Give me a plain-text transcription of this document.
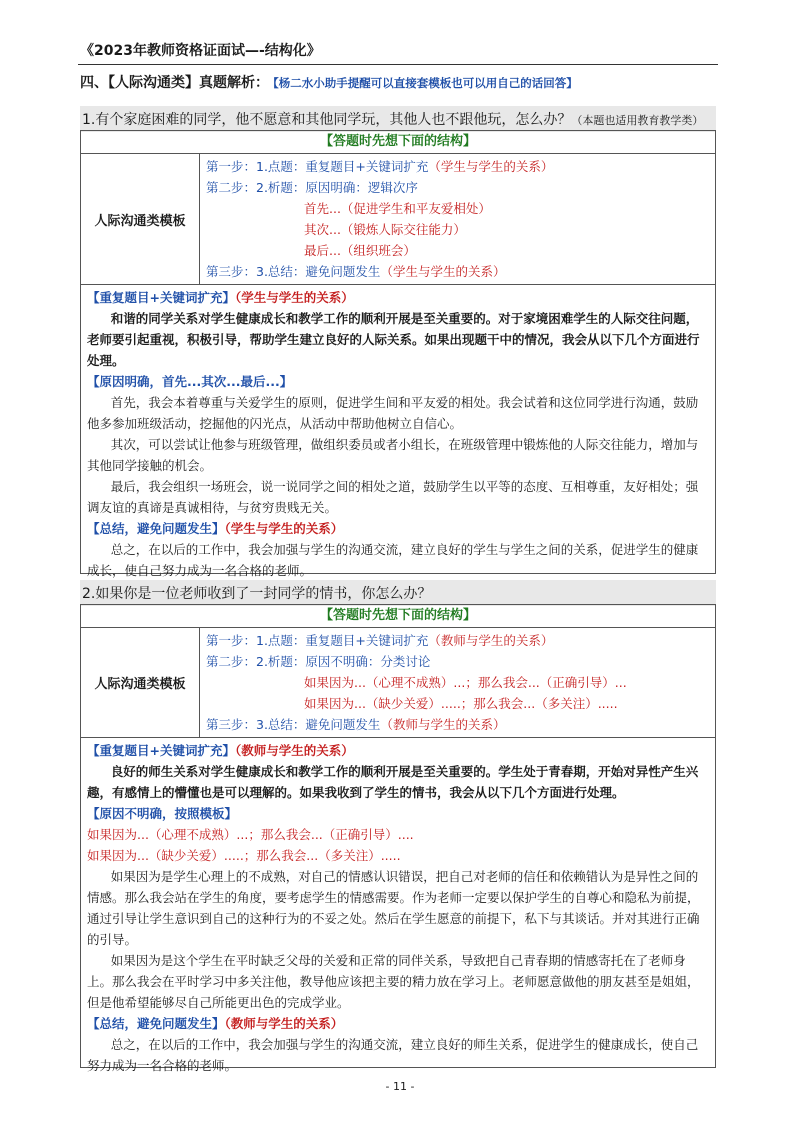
《2023年教师资格证面试—-结构化》
四、【人际沟通类】真题解析： 【杨二水小助手提醒可以直接套模板也可以用自己的话回答】
1.有个家庭困难的同学，他不愿意和其他同学玩，其他人也不跟他玩，怎么办？（本题也适用教育教学类）
【答题时先想下面的结构】
人际沟通类模板
第一步：1.点题：重复题目+关键词扩充（学生与学生的关系）
第二步：2.析题：原因明确：逻辑次序
首先...（促进学生和平友爱相处）
其次...（锻炼人际交往能力）
最后...（组织班会）
第三步：3.总结：避免问题发生（学生与学生的关系）
【重复题目+关键词扩充】（学生与学生的关系）

和谐的同学关系对学生健康成长和教学工作的顺利开展是至关重要的。对于家境困难学生的人际交往问题，老师要引起重视，积极引导，帮助学生建立良好的人际关系。如果出现题干中的情况，我会从以下几个方面进行处理。

【原因明确，首先...其次...最后...】

首先，我会本着尊重与关爱学生的原则，促进学生间和平友爱的相处。我会试着和这位同学进行沟通，鼓励他多参加班级活动，挖掘他的闪光点，从活动中帮助他树立自信心。

其次，可以尝试让他参与班级管理，做组织委员或者小组长，在班级管理中锻炼他的人际交往能力，增加与其他同学接触的机会。

最后，我会组织一场班会，说一说同学之间的相处之道，鼓励学生以平等的态度、互相尊重，友好相处；强调友谊的真谛是真诚相待，与贫穷贵贱无关。

【总结，避免问题发生】（学生与学生的关系）

总之，在以后的工作中，我会加强与学生的沟通交流，建立良好的学生与学生之间的关系，促进学生的健康成长，使自己努力成为一名合格的老师。

2.如果你是一位老师收到了一封同学的情书，你怎么办？
【答题时先想下面的结构】
人际沟通类模板
第一步：1.点题：重复题目+关键词扩充（教师与学生的关系）
第二步：2.析题：原因不明确：分类讨论
如果因为...（心理不成熟）...；那么我会...（正确引导）...
如果因为...（缺少关爱）.....；那么我会...（多关注）.....
第三步：3.总结：避免问题发生（教师与学生的关系）
【重复题目+关键词扩充】（教师与学生的关系）

良好的师生关系对学生健康成长和教学工作的顺利开展是至关重要的。学生处于青春期，开始对异性产生兴趣，有感情上的懵懂也是可以理解的。如果我收到了学生的情书，我会从以下几个方面进行处理。

【原因不明确，按照模板】
如果因为...（心理不成熟）...；那么我会...（正确引导）....
如果因为...（缺少关爱）.....；那么我会...（多关注）.....

如果因为是学生心理上的不成熟，对自己的情感认识错误，把自己对老师的信任和依赖错认为是异性之间的情感。那么我会站在学生的角度，要考虑学生的情感需要。作为老师一定要以保护学生的自尊心和隐私为前提，通过引导让学生意识到自己的这种行为的不妥之处。然后在学生愿意的前提下，私下与其谈话。并对其进行正确的引导。

如果因为是这个学生在平时缺乏父母的关爱和正常的同伴关系，导致把自己青春期的情感寄托在了老师身上。那么我会在平时学习中多关注他，教导他应该把主要的精力放在学习上。老师愿意做他的朋友甚至是姐姐，但是他希望能够尽自己所能更出色的完成学业。

【总结，避免问题发生】（教师与学生的关系）

总之，在以后的工作中，我会加强与学生的沟通交流，建立良好的师生关系，促进学生的健康成长，使自己努力成为一名合格的老师。

- 11 -
